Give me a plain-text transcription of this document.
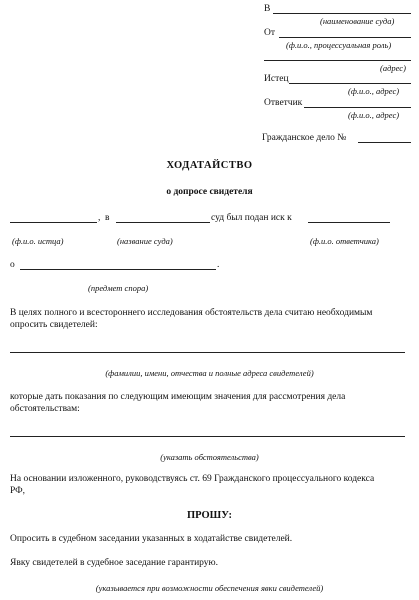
В
(наименование суда)
От
(ф.и.о., процессуальная роль)
(адрес)
Истец
(ф.и.о., адрес)
Ответчик
(ф.и.о., адрес)
Гражданское дело №
ХОДАТАЙСТВО
о допросе свидетеля
, в	суд был подан иск к
(ф.и.о. истца)	(название суда)	(ф.и.о. ответчика)
о	.
(предмет спора)
В целях полного и всестороннего исследования обстоятельств дела считаю необходимым
опросить свидетелей:
(фамилии, имени, отчества и полные адреса свидетелей)
которые дать показания по следующим имеющим значения для рассмотрения дела
обстоятельствам:
(указать обстоятельства)
На основании изложенного, руководствуясь ст. 69 Гражданского процессуального кодекса
РФ,
ПРОШУ:
Опросить в судебном заседании указанных в ходатайстве свидетелей.
Явку свидетелей в судебное заседание гарантирую.
(указывается при возможности обеспечения явки свидетелей)
